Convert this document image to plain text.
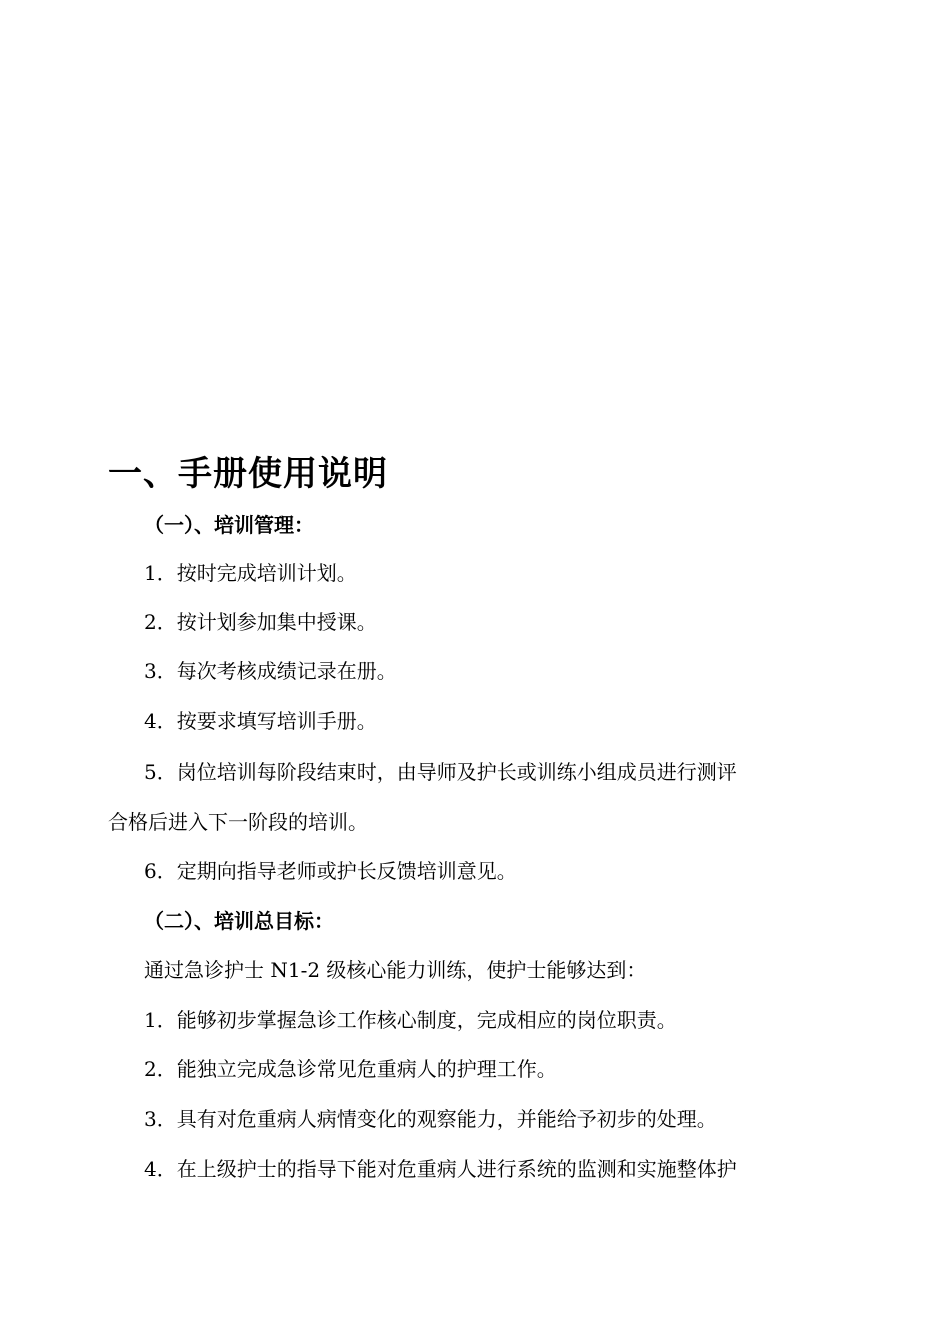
一、手册使用说明
（一）、培训管理：

1．按时完成培训计划。

2．按计划参加集中授课。

3．每次考核成绩记录在册。

4．按要求填写培训手册。

5．岗位培训每阶段结束时，由导师及护长或训练小组成员进行测评

合格后进入下一阶段的培训。

6．定期向指导老师或护长反馈培训意见。

（二）、培训总目标：

通过急诊护士 N1-2 级核心能力训练，使护士能够达到：

1．能够初步掌握急诊工作核心制度，完成相应的岗位职责。

2．能独立完成急诊常见危重病人的护理工作。

3．具有对危重病人病情变化的观察能力，并能给予初步的处理。

4．在上级护士的指导下能对危重病人进行系统的监测和实施整体护
